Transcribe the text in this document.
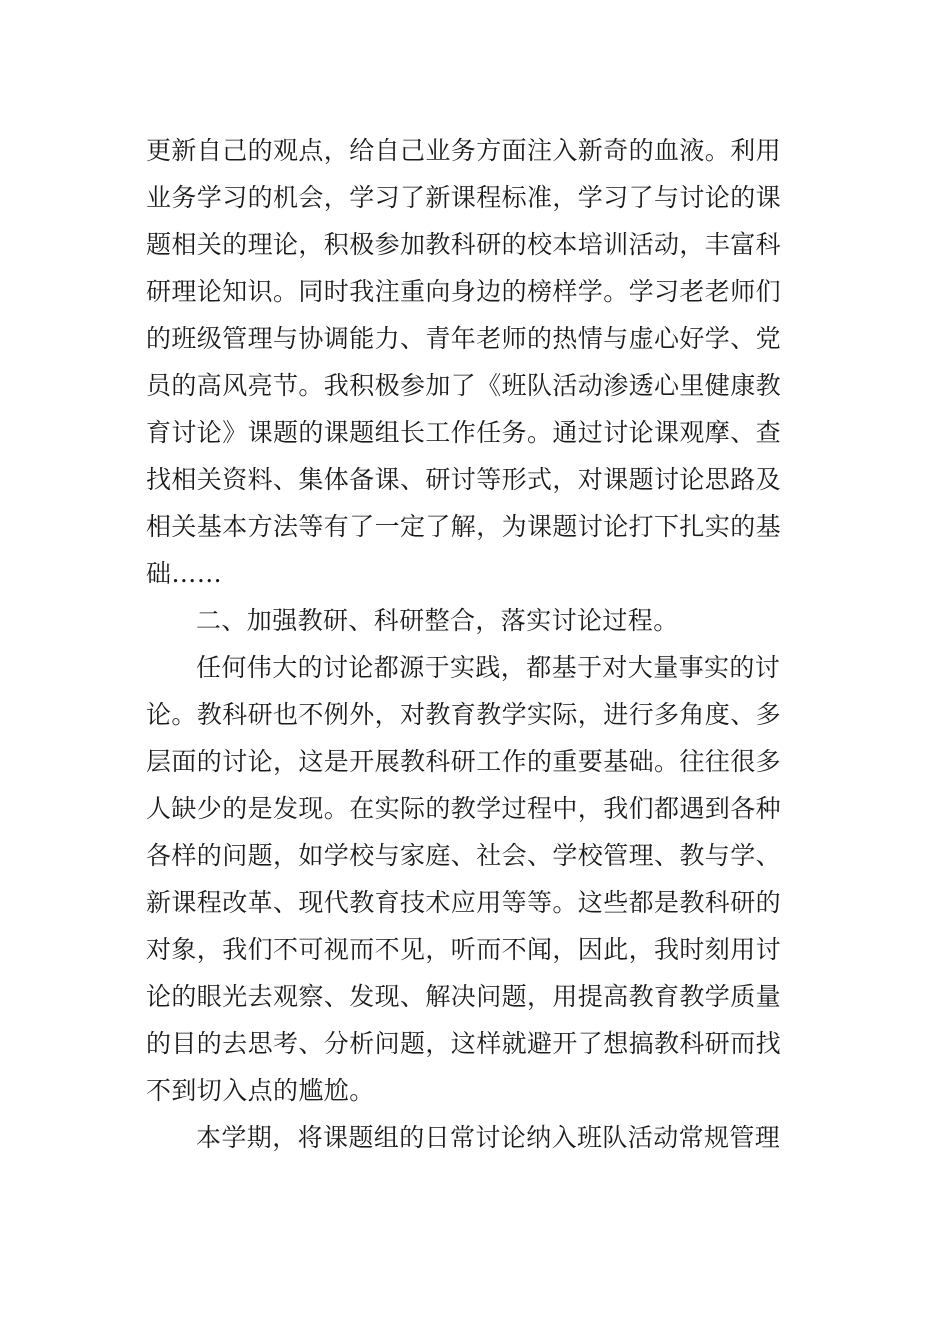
更新自己的观点，给自己业务方面注入新奇的血液。利用
业务学习的机会，学习了新课程标准，学习了与讨论的课
题相关的理论，积极参加教科研的校本培训活动，丰富科
研理论知识。同时我注重向身边的榜样学。学习老老师们
的班级管理与协调能力、青年老师的热情与虚心好学、党
员的高风亮节。我积极参加了《班队活动渗透心里健康教
育讨论》课题的课题组长工作任务。通过讨论课观摩、查
找相关资料、集体备课、研讨等形式，对课题讨论思路及
相关基本方法等有了一定了解，为课题讨论打下扎实的基
础……
二、加强教研、科研整合，落实讨论过程。
任何伟大的讨论都源于实践，都基于对大量事实的讨
论。教科研也不例外，对教育教学实际，进行多角度、多
层面的讨论，这是开展教科研工作的重要基础。往往很多
人缺少的是发现。在实际的教学过程中，我们都遇到各种
各样的问题，如学校与家庭、社会、学校管理、教与学、
新课程改革、现代教育技术应用等等。这些都是教科研的
对象，我们不可视而不见，听而不闻，因此，我时刻用讨
论的眼光去观察、发现、解决问题，用提高教育教学质量
的目的去思考、分析问题，这样就避开了想搞教科研而找
不到切入点的尴尬。
本学期，将课题组的日常讨论纳入班队活动常规管理
